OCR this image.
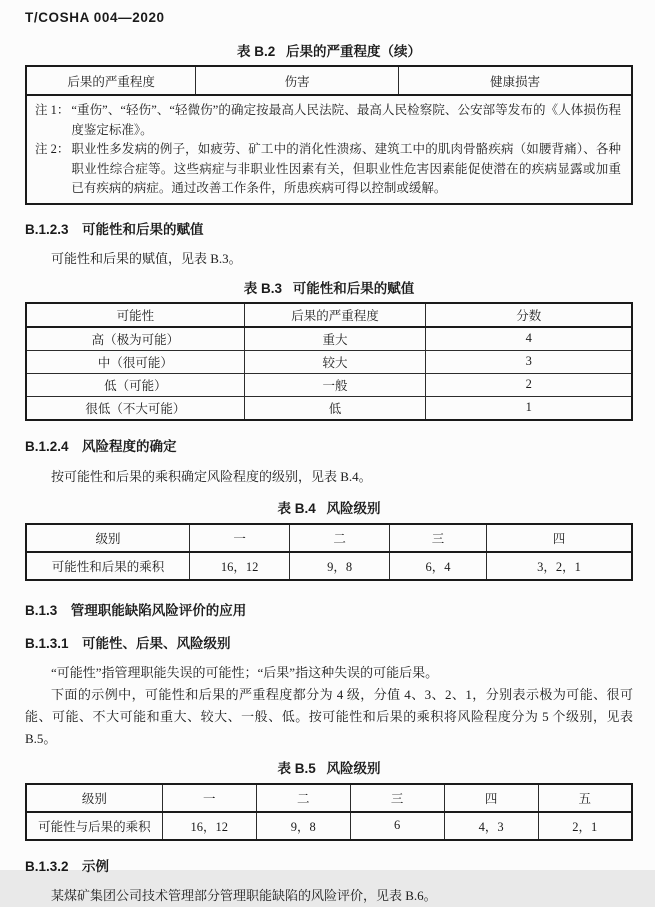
T/COSHA 004—2020
表 B.2 后果的严重程度（续）
后果的严重程度	伤害	健康损害

注 1： “重伤”、“轻伤”、“轻微伤”的确定按最高人民法院、最高人民检察院、公安部等发布的《人体损伤程度鉴定标准》。
注 2： 职业性多发病的例子，如疲劳、矿工中的消化性溃疡、建筑工中的肌肉骨骼疾病（如腰背痛）、各种职业性综合症等。这些病症与非职业性因素有关，但职业性危害因素能促使潜在的疾病显露或加重已有疾病的病症。通过改善工作条件，所患疾病可得以控制或缓解。
B.1.2.3 可能性和后果的赋值

可能性和后果的赋值，见表 B.3。

表 B.3 可能性和后果的赋值
可能性	后果的严重程度	分数
高（极为可能）	重大	4
中（很可能）	较大	3
低（可能）	一般	2
很低（不大可能）	低	1
B.1.2.4 风险程度的确定

按可能性和后果的乘积确定风险程度的级别，见表 B.4。

表 B.4 风险级别
级别	一	二	三	四
可能性和后果的乘积	16，12	9，8	6，4	3，2，1
B.1.3 管理职能缺陷风险评价的应用
B.1.3.1 可能性、后果、风险级别

“可能性”指管理职能失误的可能性；“后果”指这种失误的可能后果。

下面的示例中，可能性和后果的严重程度都分为 4 级，分值 4、3、2、1，分别表示极为可能、很可能、可能、不大可能和重大、较大、一般、低。按可能性和后果的乘积将风险程度分为 5 个级别，见表 B.5。

表 B.5 风险级别
级别	一	二	三	四	五
可能性与后果的乘积	16，12	9，8	6	4，3	2，1
B.1.3.2 示例

某煤矿集团公司技术管理部分管理职能缺陷的风险评价，见表 B.6。
